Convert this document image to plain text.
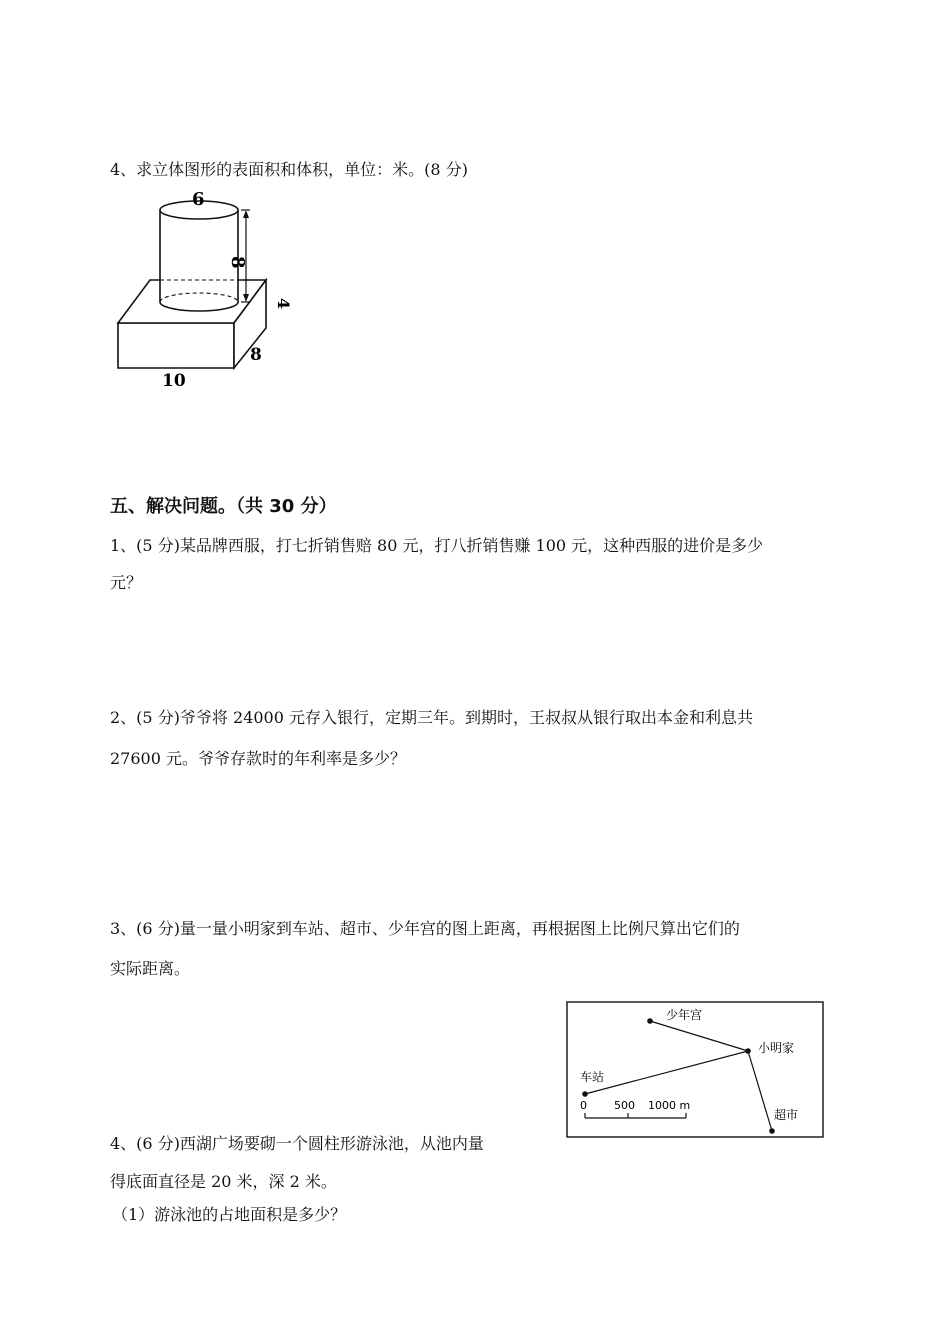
4、求立体图形的表面积和体积，单位：米。(8 分)
6
8
4
8
10
五、解决问题。（共 30 分）
1、(5 分)某品牌西服，打七折销售赔 80 元，打八折销售赚 100 元，这种西服的进价是多少
元？
2、(5 分)爷爷将 24000 元存入银行，定期三年。到期时，王叔叔从银行取出本金和利息共
27600 元。爷爷存款时的年利率是多少？
3、(6 分)量一量小明家到车站、超市、少年宫的图上距离，再根据图上比例尺算出它们的
实际距离。
少年宫
小明家
车站
超市
0 500 1000 m
4、(6 分)西湖广场要砌一个圆柱形游泳池，从池内量
得底面直径是 20 米，深 2 米。
（1）游泳池的占地面积是多少？
